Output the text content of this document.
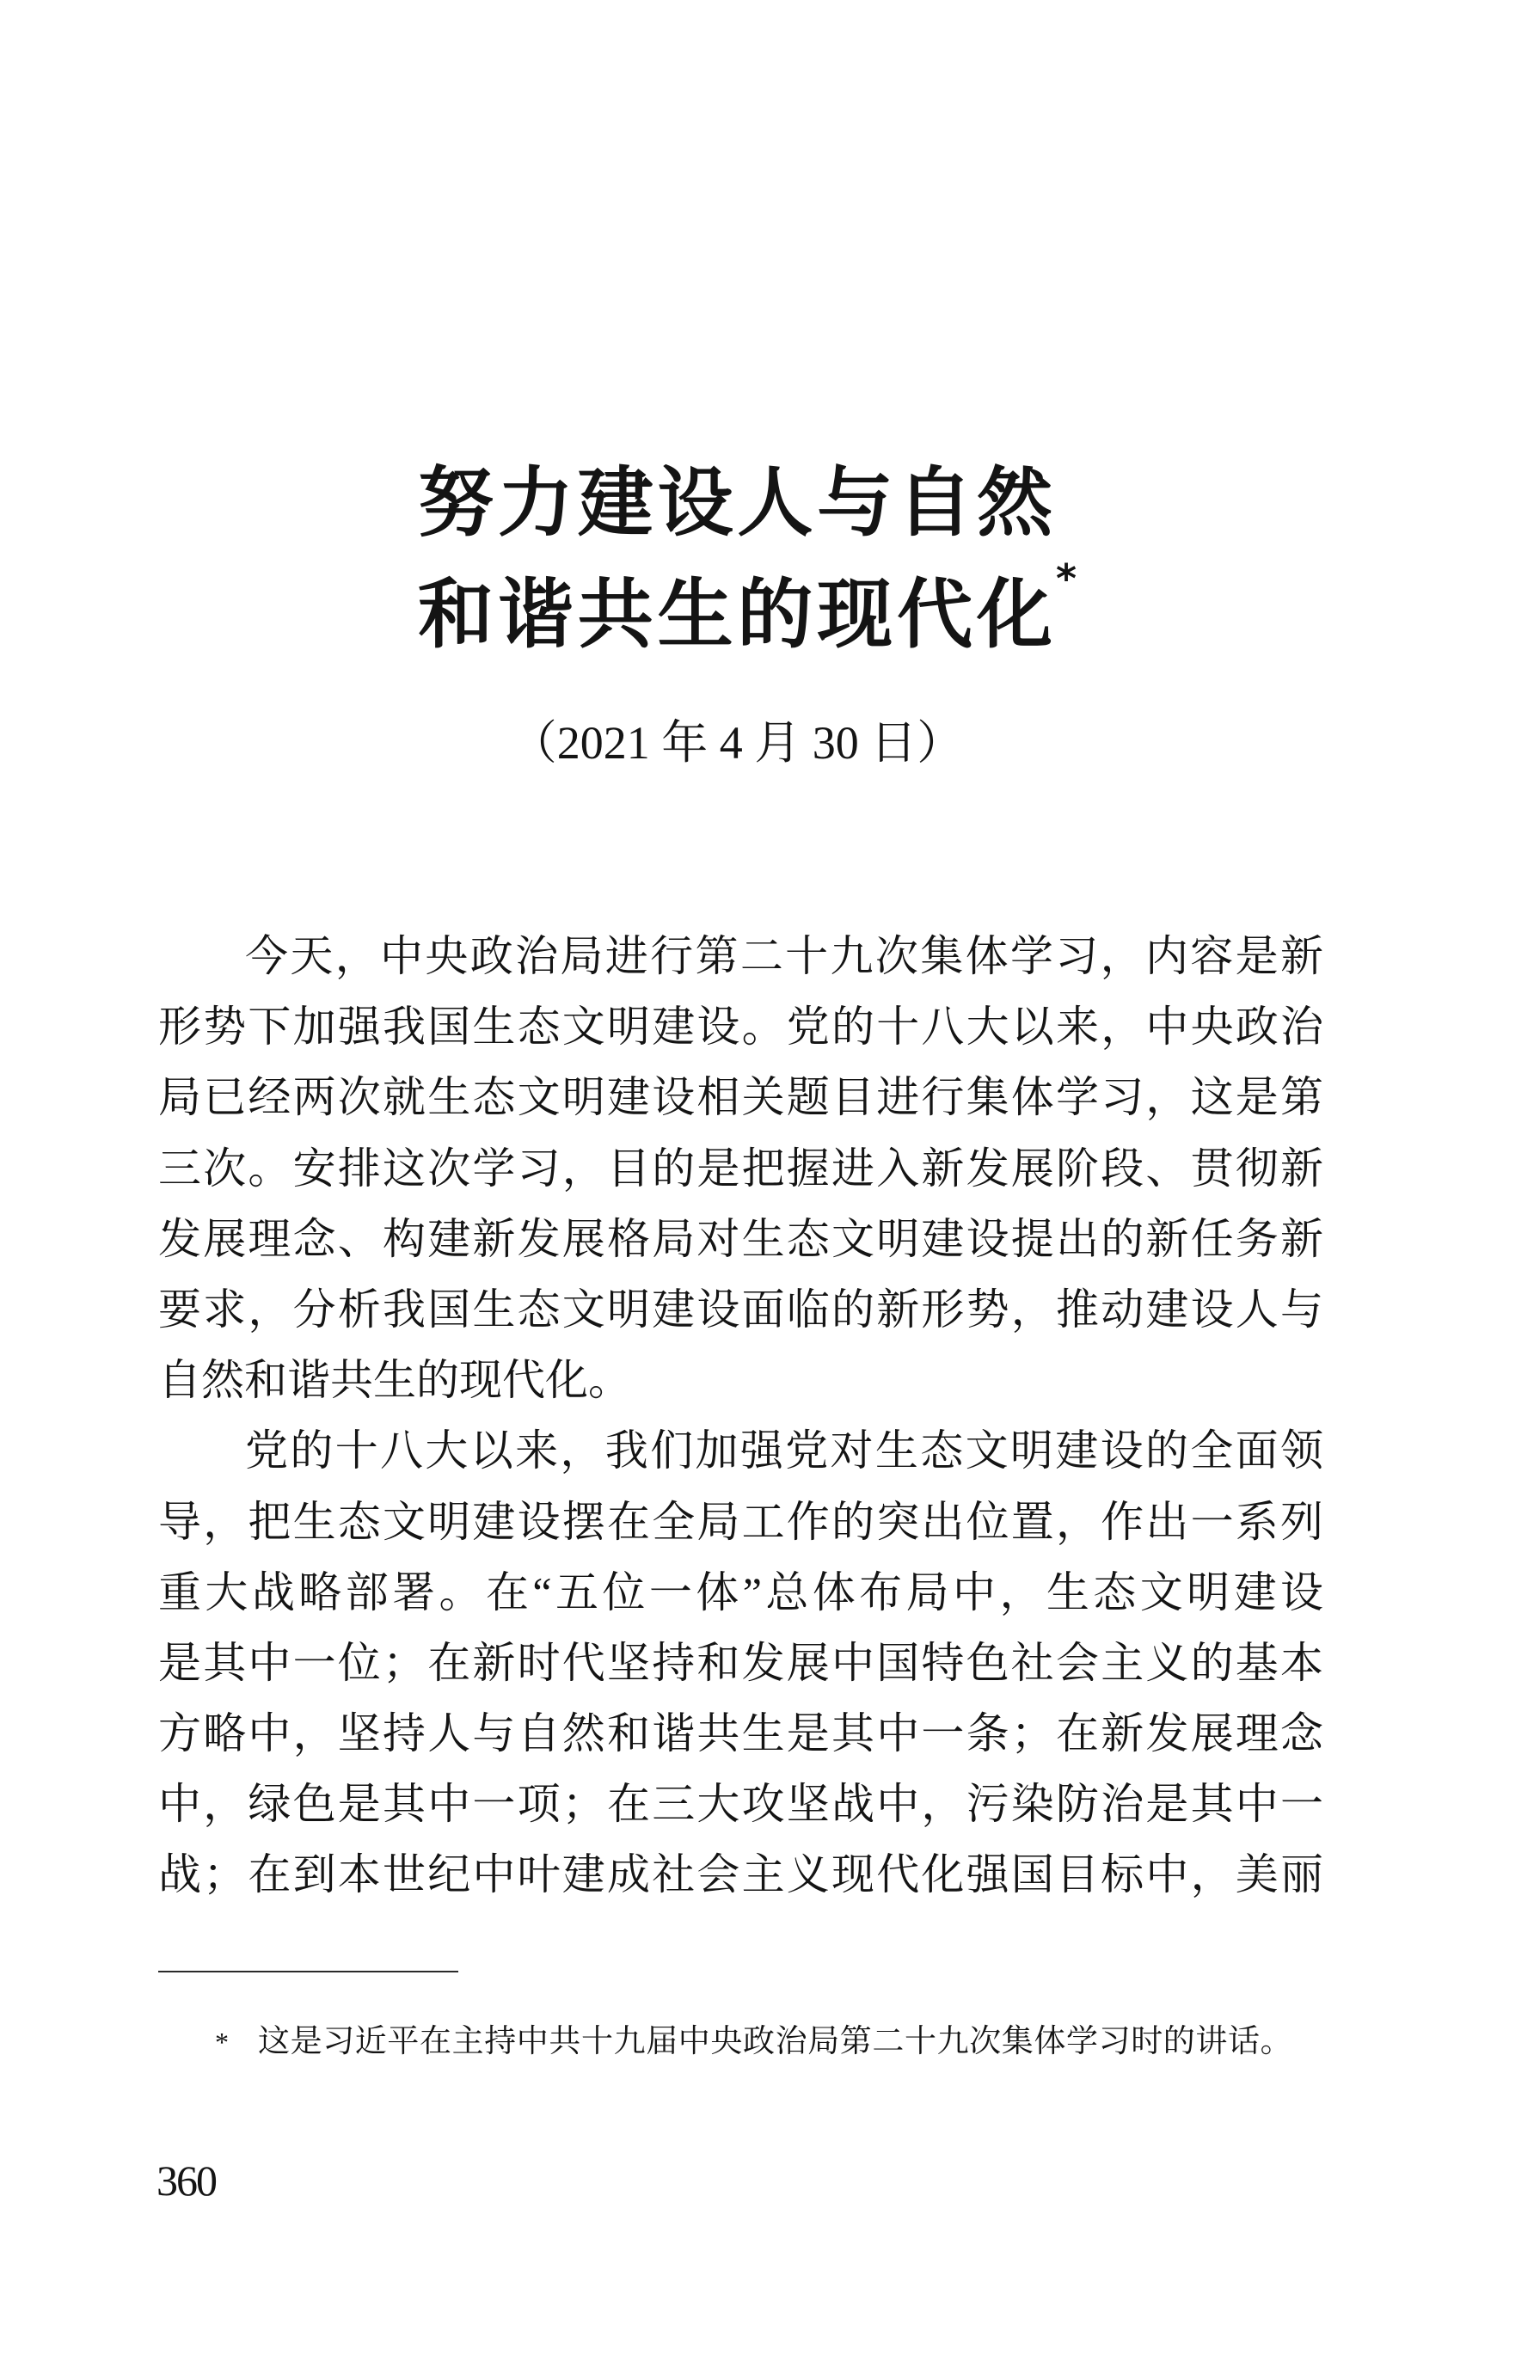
努力建设人与自然
和谐共生的现代化 *
（2021 年 4 月 30 日）
今天，中央政治局进行第二十九次集体学习，内容是新
形势下加强我国生态文明建设。党的十八大以来，中央政治
局已经两次就生态文明建设相关题目进行集体学习，这是第
三次。安排这次学习，目的是把握进入新发展阶段、贯彻新
发展理念、构建新发展格局对生态文明建设提出的新任务新
要求，分析我国生态文明建设面临的新形势，推动建设人与
自然和谐共生的现代化。
党的十八大以来，我们加强党对生态文明建设的全面领
导，把生态文明建设摆在全局工作的突出位置，作出一系列
重大战略部署。在“五位一体”总体布局中，生态文明建设
是其中一位；在新时代坚持和发展中国特色社会主义的基本
方略中，坚持人与自然和谐共生是其中一条；在新发展理念
中，绿色是其中一项；在三大攻坚战中，污染防治是其中一
战；在到本世纪中叶建成社会主义现代化强国目标中，美丽
* 这是习近平在主持中共十九届中央政治局第二十九次集体学习时的讲话。
360
